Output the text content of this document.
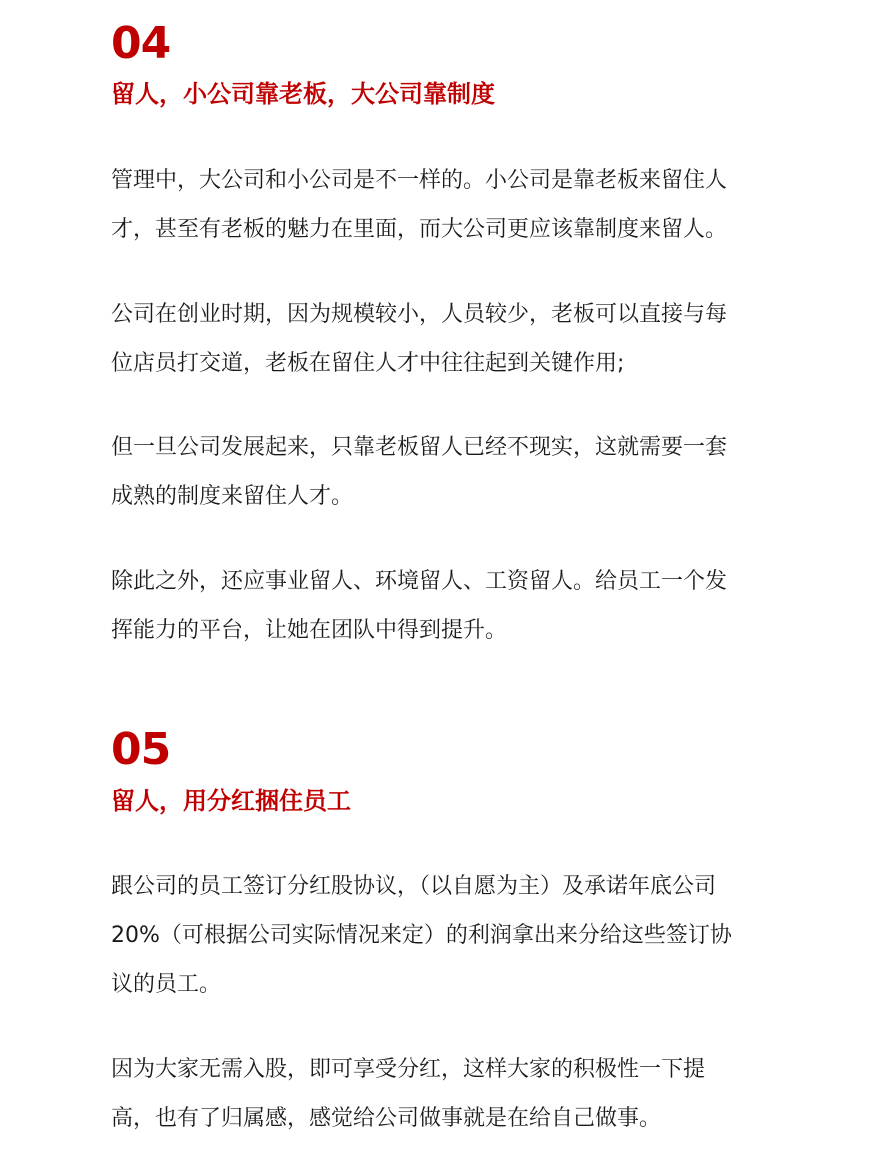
04
留人，小公司靠老板，大公司靠制度

管理中，大公司和小公司是不一样的。小公司是靠老板来留住人
才，甚至有老板的魅力在里面，而大公司更应该靠制度来留人。

公司在创业时期，因为规模较小，人员较少，老板可以直接与每
位店员打交道，老板在留住人才中往往起到关键作用;

但一旦公司发展起来，只靠老板留人已经不现实，这就需要一套
成熟的制度来留住人才。

除此之外，还应事业留人、环境留人、工资留人。给员工一个发
挥能力的平台，让她在团队中得到提升。

05
留人，用分红捆住员工

跟公司的员工签订分红股协议，（以自愿为主）及承诺年底公司
20%（可根据公司实际情况来定）的利润拿出来分给这些签订协
议的员工。

因为大家无需入股，即可享受分红，这样大家的积极性一下提
高，也有了归属感，感觉给公司做事就是在给自己做事。
